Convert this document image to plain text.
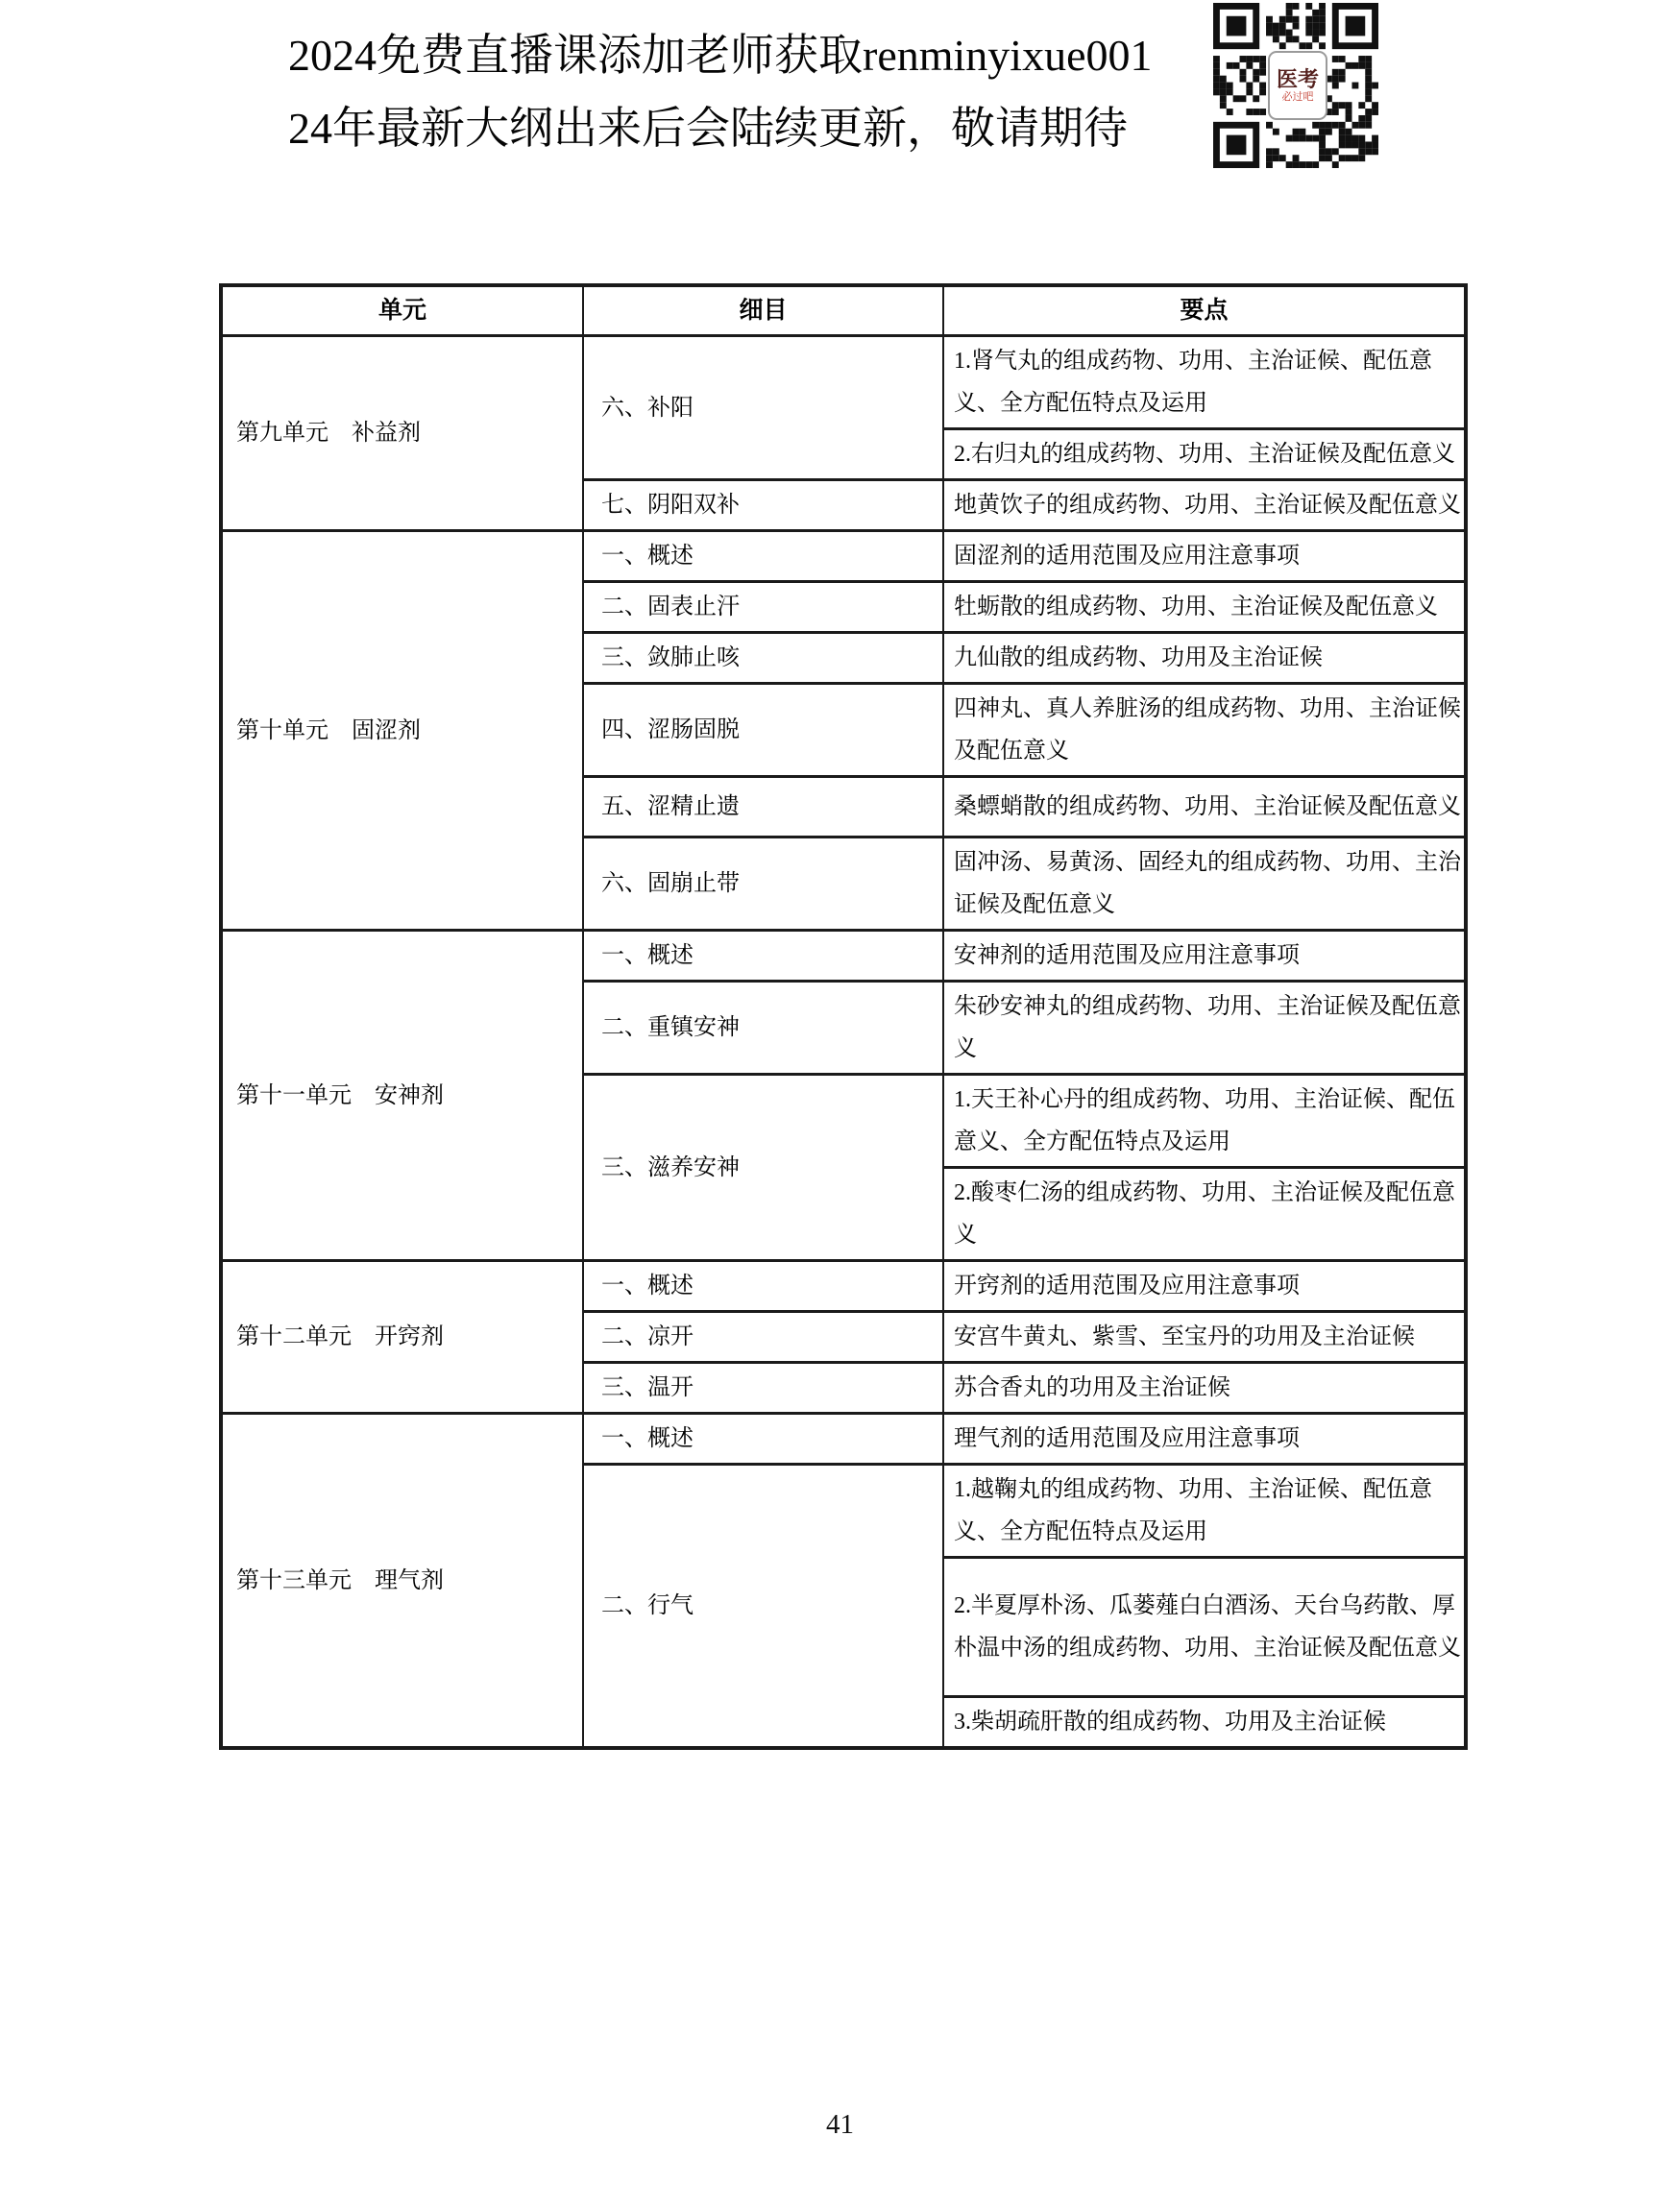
2024免费直播课添加老师获取renminyixue001
24年最新大纲出来后会陆续更新，敬请期待
医考
必过吧
单元	细目	要点
第九单元　补益剂	六、补阳	1.肾气丸的组成药物、功用、主治证候、配伍意义、全方配伍特点及运用
		2.右归丸的组成药物、功用、主治证候及配伍意义
	七、阴阳双补	地黄饮子的组成药物、功用、主治证候及配伍意义
第十单元　固涩剂	一、概述	固涩剂的适用范围及应用注意事项
	二、固表止汗	牡蛎散的组成药物、功用、主治证候及配伍意义
	三、敛肺止咳	九仙散的组成药物、功用及主治证候
	四、涩肠固脱	四神丸、真人养脏汤的组成药物、功用、主治证候及配伍意义
	五、涩精止遗	桑螵蛸散的组成药物、功用、主治证候及配伍意义
	六、固崩止带	固冲汤、易黄汤、固经丸的组成药物、功用、主治证候及配伍意义
第十一单元　安神剂	一、概述	安神剂的适用范围及应用注意事项
	二、重镇安神	朱砂安神丸的组成药物、功用、主治证候及配伍意义
	三、滋养安神	1.天王补心丹的组成药物、功用、主治证候、配伍意义、全方配伍特点及运用
		2.酸枣仁汤的组成药物、功用、主治证候及配伍意义
第十二单元　开窍剂	一、概述	开窍剂的适用范围及应用注意事项
	二、凉开	安宫牛黄丸、紫雪、至宝丹的功用及主治证候
	三、温开	苏合香丸的功用及主治证候
第十三单元　理气剂	一、概述	理气剂的适用范围及应用注意事项
	二、行气	1.越鞠丸的组成药物、功用、主治证候、配伍意义、全方配伍特点及运用
		2.半夏厚朴汤、瓜蒌薤白白酒汤、天台乌药散、厚朴温中汤的组成药物、功用、主治证候及配伍意义
		3.柴胡疏肝散的组成药物、功用及主治证候
41
